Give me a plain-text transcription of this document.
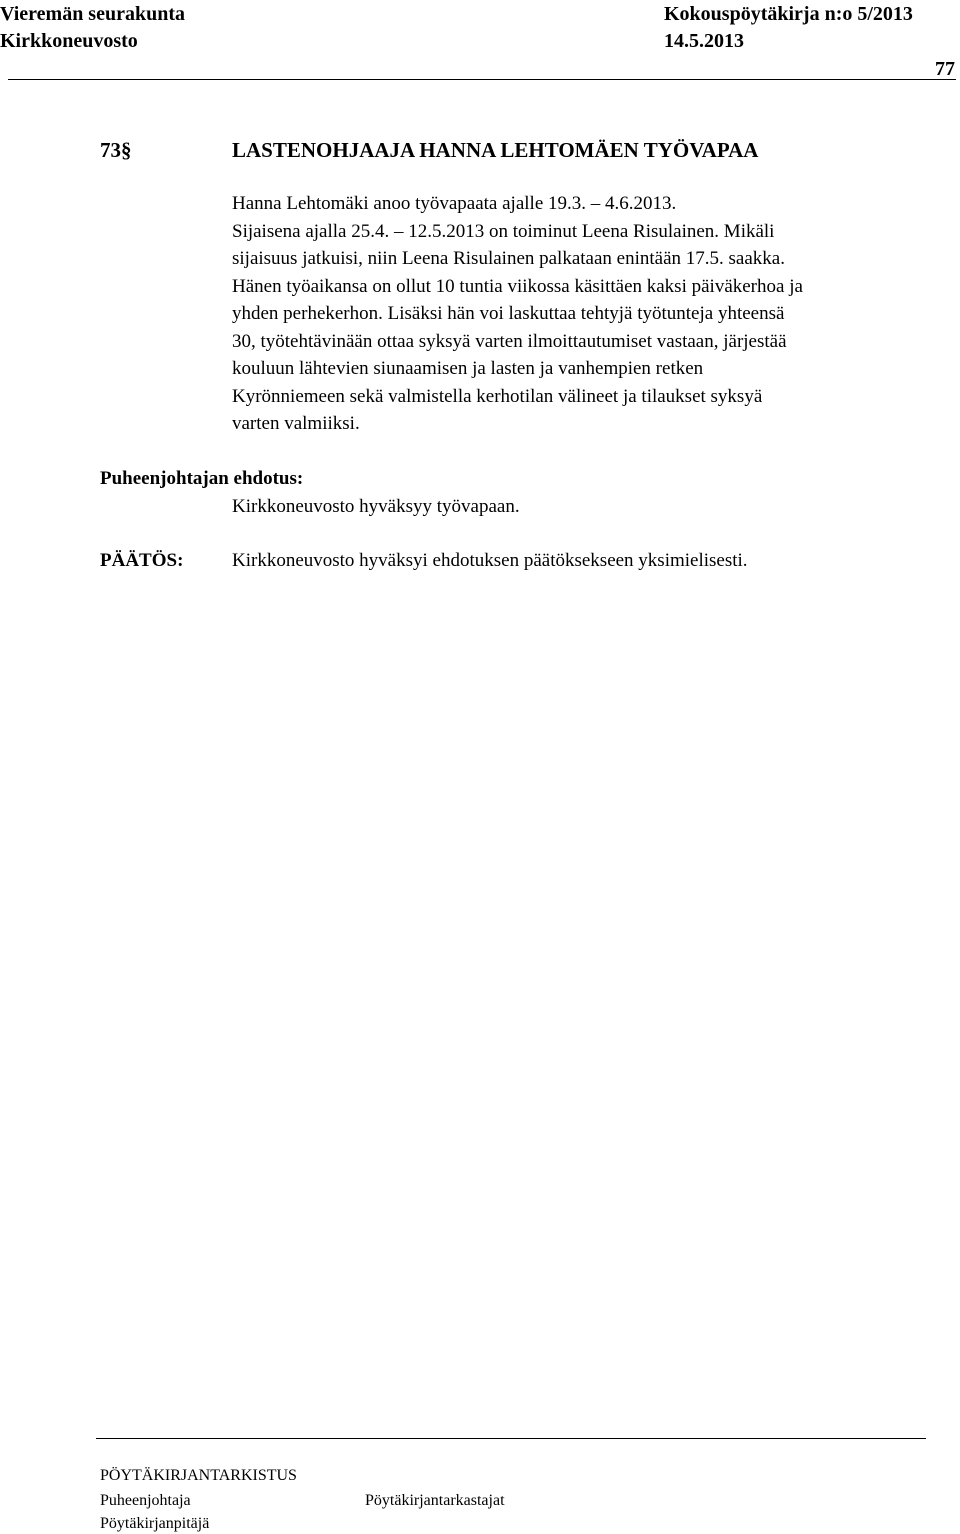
Vieremän seurakunta	Kokouspöytäkirja n:o 5/2013
Kirkkoneuvosto	14.5.2013
77
73§	LASTENOHJAAJA HANNA LEHTOMÄEN TYÖVAPAA
Hanna Lehtomäki anoo työvapaata ajalle 19.3. – 4.6.2013.
Sijaisena ajalla 25.4. – 12.5.2013 on toiminut Leena Risulainen. Mikäli
sijaisuus jatkuisi, niin Leena Risulainen palkataan enintään 17.5. saakka.
Hänen työaikansa on ollut 10 tuntia viikossa käsittäen kaksi päiväkerhoa ja
yhden perhekerhon. Lisäksi hän voi laskuttaa tehtyjä työtunteja yhteensä
30, työtehtävinään ottaa syksyä varten ilmoittautumiset vastaan, järjestää
kouluun lähtevien siunaamisen ja lasten ja vanhempien retken
Kyrönniemeen sekä valmistella kerhotilan välineet ja tilaukset syksyä
varten valmiiksi.
Puheenjohtajan ehdotus:
Kirkkoneuvosto hyväksyy työvapaan.
PÄÄTÖS:	Kirkkoneuvosto hyväksyi ehdotuksen päätöksekseen yksimielisesti.
PÖYTÄKIRJANTARKISTUS
Puheenjohtaja	Pöytäkirjantarkastajat
Pöytäkirjanpitäjä
